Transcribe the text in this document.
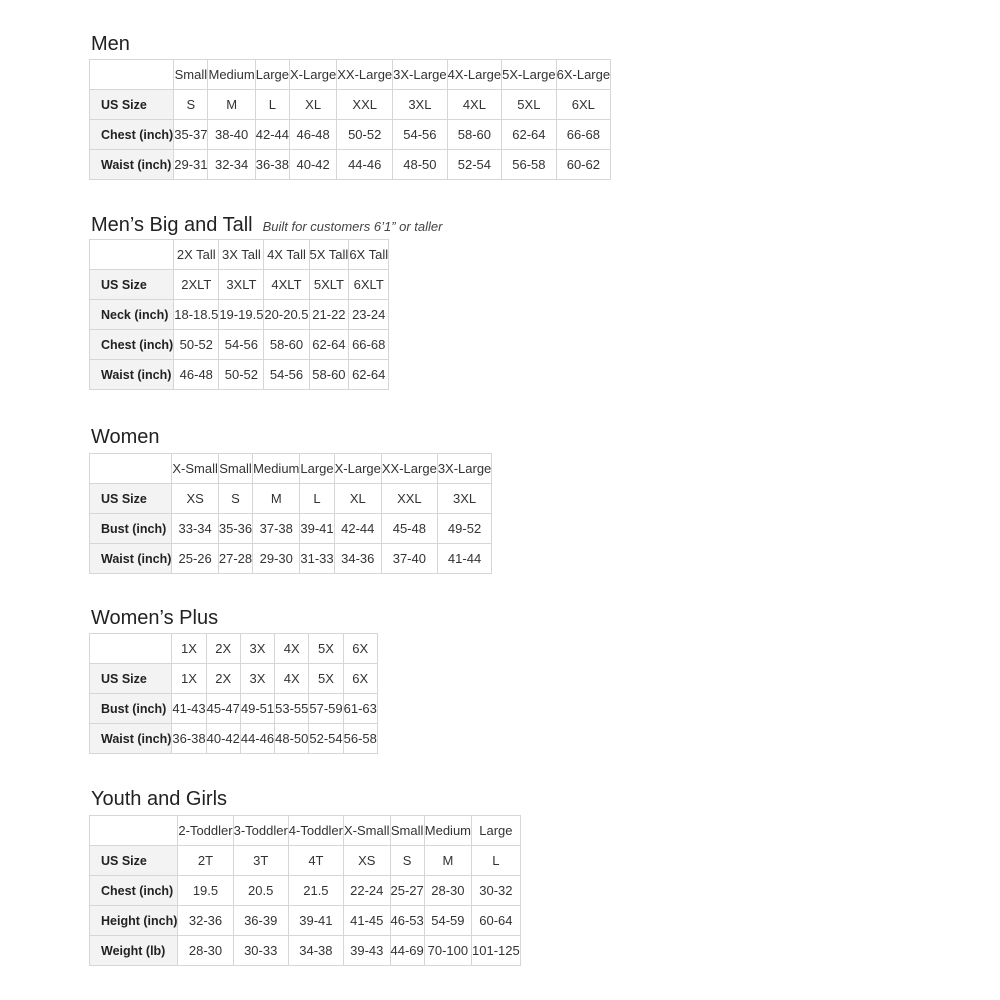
Men
	Small	Medium	Large	X-Large	XX-Large	3X-Large	4X-Large	5X-Large	6X-Large
US Size	S	M	L	XL	XXL	3XL	4XL	5XL	6XL
Chest (inch)	35-37	38-40	42-44	46-48	50-52	54-56	58-60	62-64	66-68
Waist (inch)	29-31	32-34	36-38	40-42	44-46	48-50	52-54	56-58	60-62
Men’s Big and Tall Built for customers 6’1” or taller
	2X Tall	3X Tall	4X Tall	5X Tall	6X Tall
US Size	2XLT	3XLT	4XLT	5XLT	6XLT
Neck (inch)	18-18.5	19-19.5	20-20.5	21-22	23-24
Chest (inch)	50-52	54-56	58-60	62-64	66-68
Waist (inch)	46-48	50-52	54-56	58-60	62-64
Women
	X-Small	Small	Medium	Large	X-Large	XX-Large	3X-Large
US Size	XS	S	M	L	XL	XXL	3XL
Bust (inch)	33-34	35-36	37-38	39-41	42-44	45-48	49-52
Waist (inch)	25-26	27-28	29-30	31-33	34-36	37-40	41-44
Women’s Plus
	1X	2X	3X	4X	5X	6X
US Size	1X	2X	3X	4X	5X	6X
Bust (inch)	41-43	45-47	49-51	53-55	57-59	61-63
Waist (inch)	36-38	40-42	44-46	48-50	52-54	56-58
Youth and Girls
	2-Toddler	3-Toddler	4-Toddler	X-Small	Small	Medium	Large
US Size	2T	3T	4T	XS	S	M	L
Chest (inch)	19.5	20.5	21.5	22-24	25-27	28-30	30-32
Height (inch)	32-36	36-39	39-41	41-45	46-53	54-59	60-64
Weight (lb)	28-30	30-33	34-38	39-43	44-69	70-100	101-125
